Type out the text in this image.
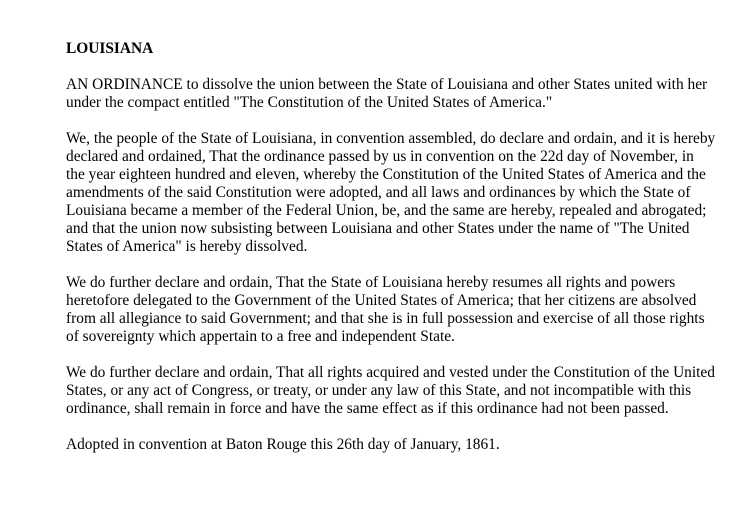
LOUISIANA

AN ORDINANCE to dissolve the union between the State of Louisiana and other States united with her under the compact entitled "The Constitution of the United States of America."

We, the people of the State of Louisiana, in convention assembled, do declare and ordain, and it is hereby declared and ordained, That the ordinance passed by us in convention on the 22d day of November, in the year eighteen hundred and eleven, whereby the Constitution of the United States of America and the amendments of the said Constitution were adopted, and all laws and ordinances by which the State of Louisiana became a member of the Federal Union, be, and the same are hereby, repealed and abrogated; and that the union now subsisting between Louisiana and other States under the name of "The United States of America" is hereby dissolved.

We do further declare and ordain, That the State of Louisiana hereby resumes all rights and powers heretofore delegated to the Government of the United States of America; that her citizens are absolved from all allegiance to said Government; and that she is in full possession and exercise of all those rights of sovereignty which appertain to a free and independent State.

We do further declare and ordain, That all rights acquired and vested under the Constitution of the United States, or any act of Congress, or treaty, or under any law of this State, and not incompatible with this ordinance, shall remain in force and have the same effect as if this ordinance had not been passed.

Adopted in convention at Baton Rouge this 26th day of January, 1861.
